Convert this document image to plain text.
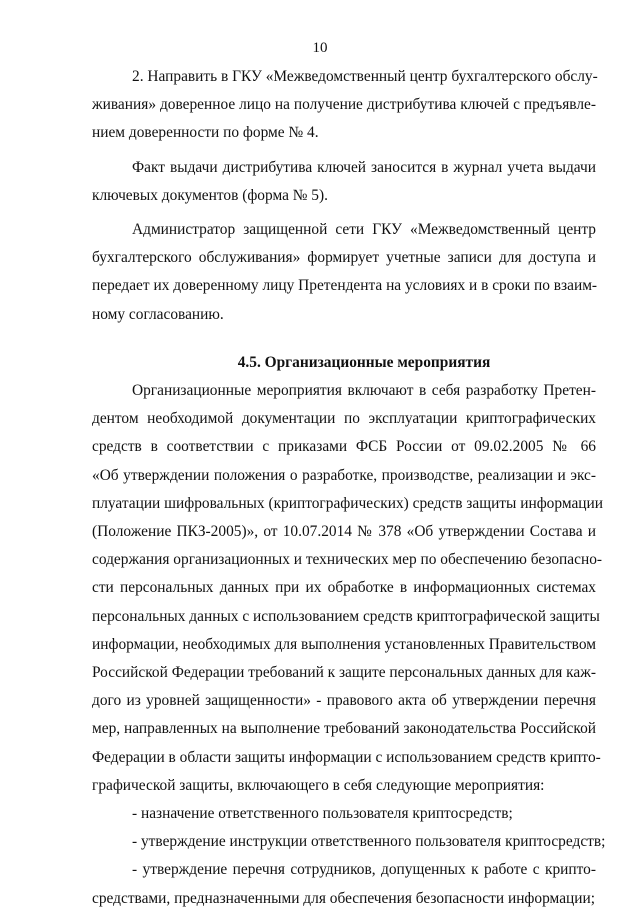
10
2. Направить в ГКУ «Межведомственный центр бухгалтерского обслу-
живания» доверенное лицо на получение дистрибутива ключей с предъявле-
нием доверенности по форме № 4.
Факт выдачи дистрибутива ключей заносится в журнал учета выдачи
ключевых документов (форма № 5).
Администратор защищенной сети ГКУ «Межведомственный центр
бухгалтерского обслуживания» формирует учетные записи для доступа и
передает их доверенному лицу Претендента на условиях и в сроки по взаим-
ному согласованию.
4.5. Организационные мероприятия
Организационные мероприятия включают в себя разработку Претен-
дентом необходимой документации по эксплуатации криптографических
средств в соответствии с приказами ФСБ России от 09.02.2005 № 66
«Об утверждении положения о разработке, производстве, реализации и экс-
плуатации шифровальных (криптографических) средств защиты информации
(Положение ПКЗ-2005)», от 10.07.2014 № 378 «Об утверждении Состава и
содержания организационных и технических мер по обеспечению безопасно-
сти персональных данных при их обработке в информационных системах
персональных данных с использованием средств криптографической защиты
информации, необходимых для выполнения установленных Правительством
Российской Федерации требований к защите персональных данных для каж-
дого из уровней защищенности» - правового акта об утверждении перечня
мер, направленных на выполнение требований законодательства Российской
Федерации в области защиты информации с использованием средств крипто-
графической защиты, включающего в себя следующие мероприятия:
- назначение ответственного пользователя криптосредств;
- утверждение инструкции ответственного пользователя криптосредств;
- утверждение перечня сотрудников, допущенных к работе с крипто-
средствами, предназначенными для обеспечения безопасности информации;
